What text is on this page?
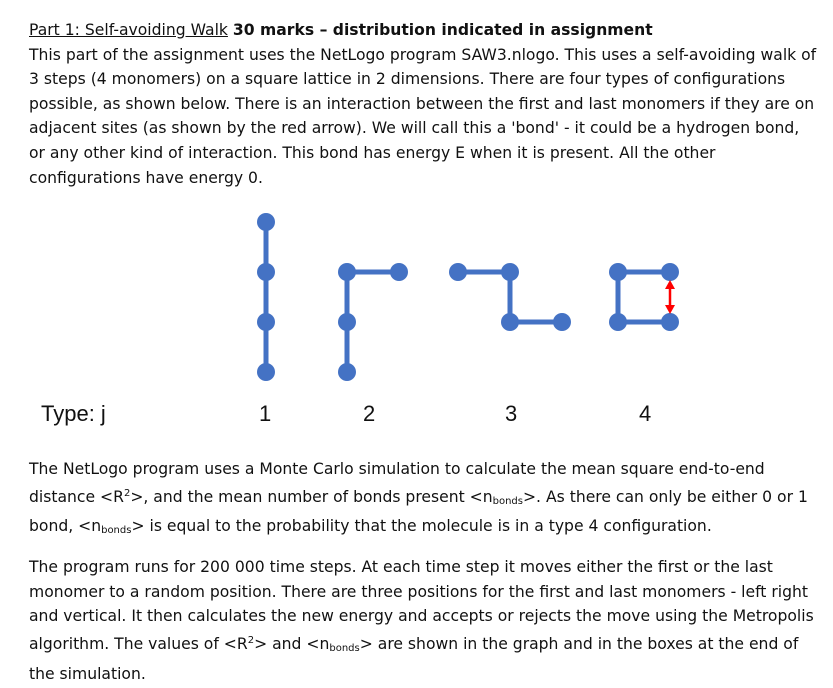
Part 1: Self-avoiding Walk 30 marks – distribution indicated in assignment
This part of the assignment uses the NetLogo program SAW3.nlogo. This uses a self-avoiding walk of 3 steps (4 monomers) on a square lattice in 2 dimensions. There are four types of configurations possible, as shown below. There is an interaction between the first and last monomers if they are on adjacent sites (as shown by the red arrow). We will call this a 'bond' - it could be a hydrogen bond, or any other kind of interaction. This bond has energy E when it is present. All the other configurations have energy 0.
Type: j	1	2	3	4
The NetLogo program uses a Monte Carlo simulation to calculate the mean square end-to-end distance $<R^2>$, and the mean number of bonds present $<n_{bonds}>$. As there can only be either 0 or 1 bond, $<n_{bonds}>$ is equal to the probability that the molecule is in a type 4 configuration.
The program runs for 200 000 time steps. At each time step it moves either the first or the last monomer to a random position. There are three positions for the first and last monomers - left right and vertical. It then calculates the new energy and accepts or rejects the move using the Metropolis algorithm. The values of $<R^2>$ and $<n_{bonds}>$ are shown in the graph and in the boxes at the end of the simulation.
